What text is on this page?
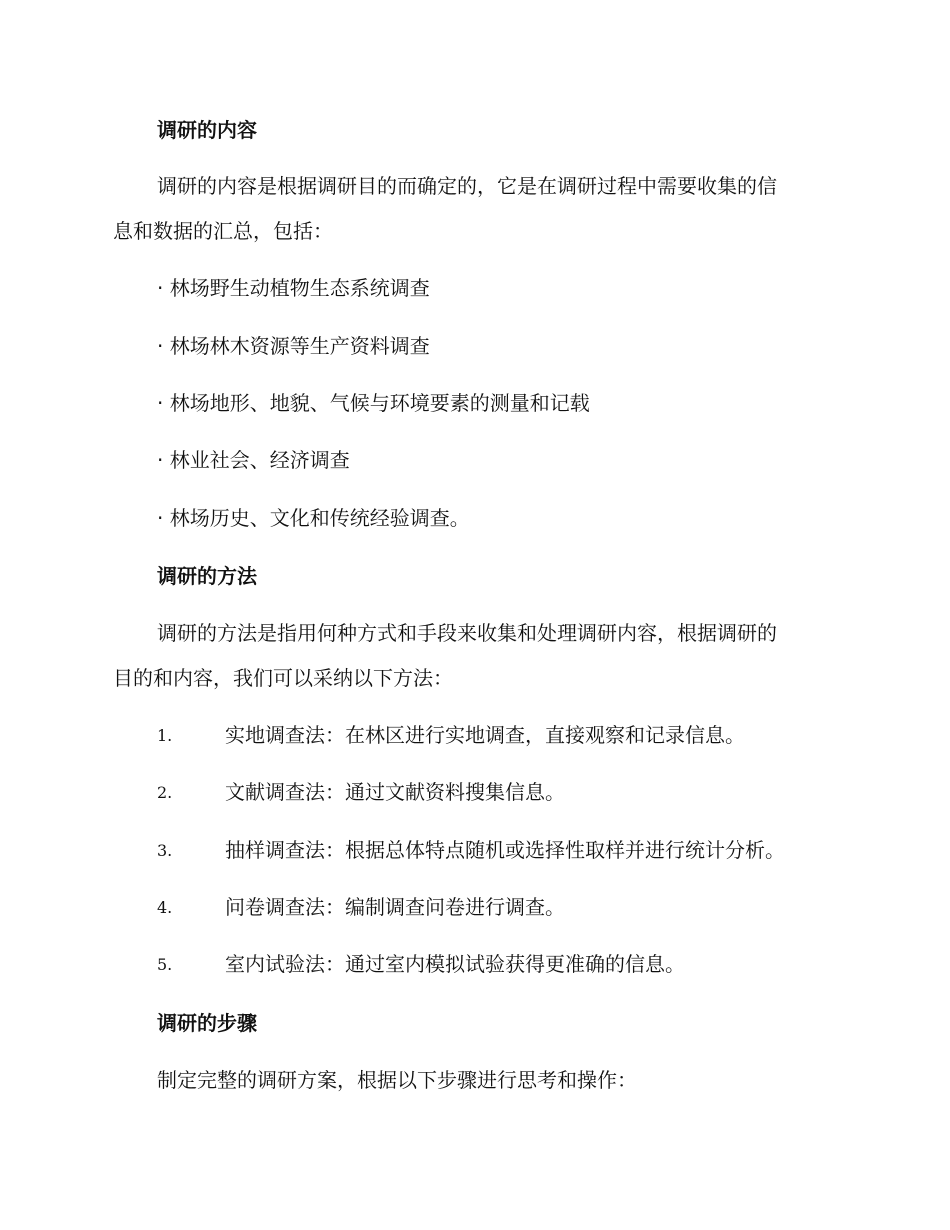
调研的内容
调研的内容是根据调研目的而确定的，它是在调研过程中需要收集的信
息和数据的汇总，包括：
· 林场野生动植物生态系统调查
· 林场林木资源等生产资料调查
· 林场地形、地貌、气候与环境要素的测量和记载
· 林业社会、经济调查
· 林场历史、文化和传统经验调查。
调研的方法
调研的方法是指用何种方式和手段来收集和处理调研内容，根据调研的
目的和内容，我们可以采纳以下方法：
1.	实地调查法：在林区进行实地调查，直接观察和记录信息。
2.	文献调查法：通过文献资料搜集信息。
3.	抽样调查法：根据总体特点随机或选择性取样并进行统计分析。
4.	问卷调查法：编制调查问卷进行调查。
5.	室内试验法：通过室内模拟试验获得更准确的信息。
调研的步骤
制定完整的调研方案，根据以下步骤进行思考和操作：
